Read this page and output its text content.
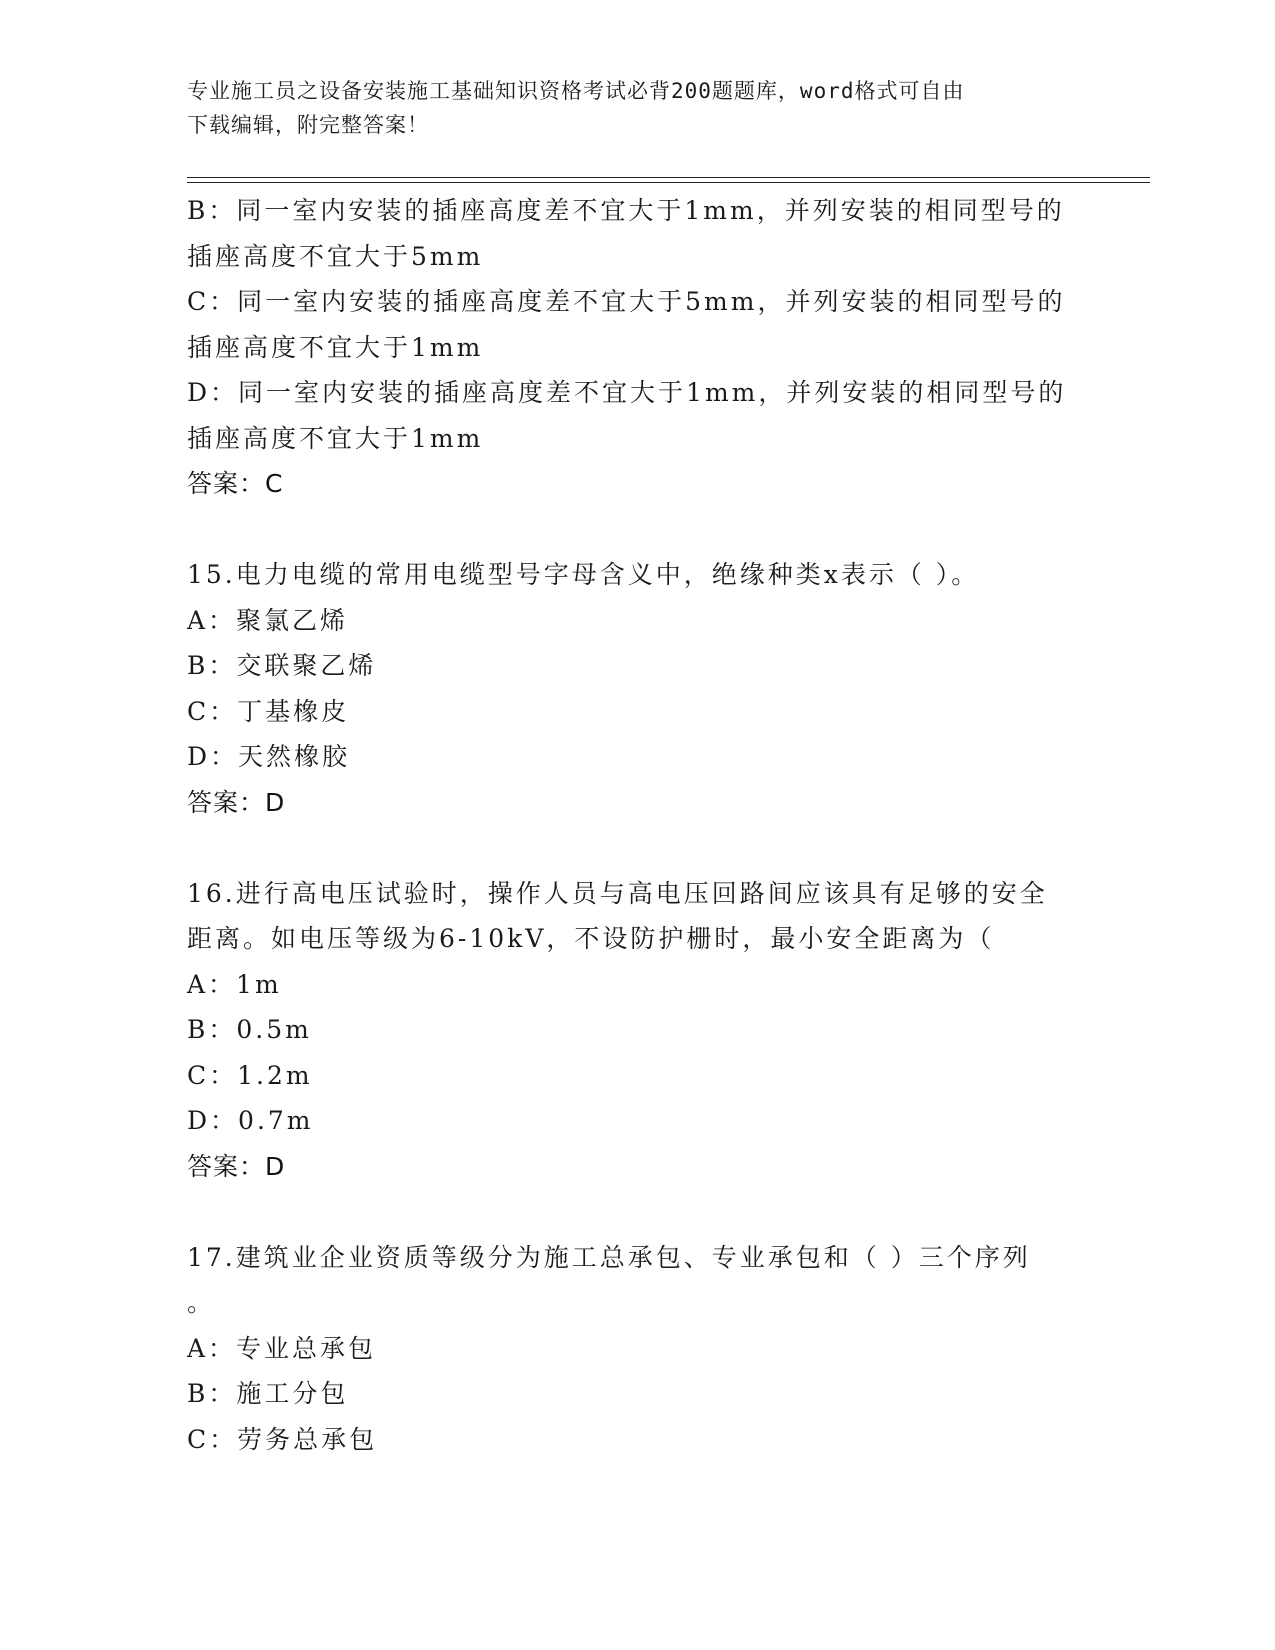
专业施工员之设备安装施工基础知识资格考试必背200题题库，word格式可自由
下载编辑，附完整答案！
B：同一室内安装的插座高度差不宜大于1mm，并列安装的相同型号的
插座高度不宜大于5mm
C：同一室内安装的插座高度差不宜大于5mm，并列安装的相同型号的
插座高度不宜大于1mm
D：同一室内安装的插座高度差不宜大于1mm，并列安装的相同型号的
插座高度不宜大于1mm
答案：C
15.电力电缆的常用电缆型号字母含义中，绝缘种类x表示（ ）。
A：聚氯乙烯
B：交联聚乙烯
C：丁基橡皮
D：天然橡胶
答案：D
16.进行高电压试验时，操作人员与高电压回路间应该具有足够的安全
距离。如电压等级为6-10kV，不设防护栅时，最小安全距离为（
A：1m
B：0.5m
C：1.2m
D：0.7m
答案：D
17.建筑业企业资质等级分为施工总承包、专业承包和（ ）三个序列
。
A：专业总承包
B：施工分包
C：劳务总承包
